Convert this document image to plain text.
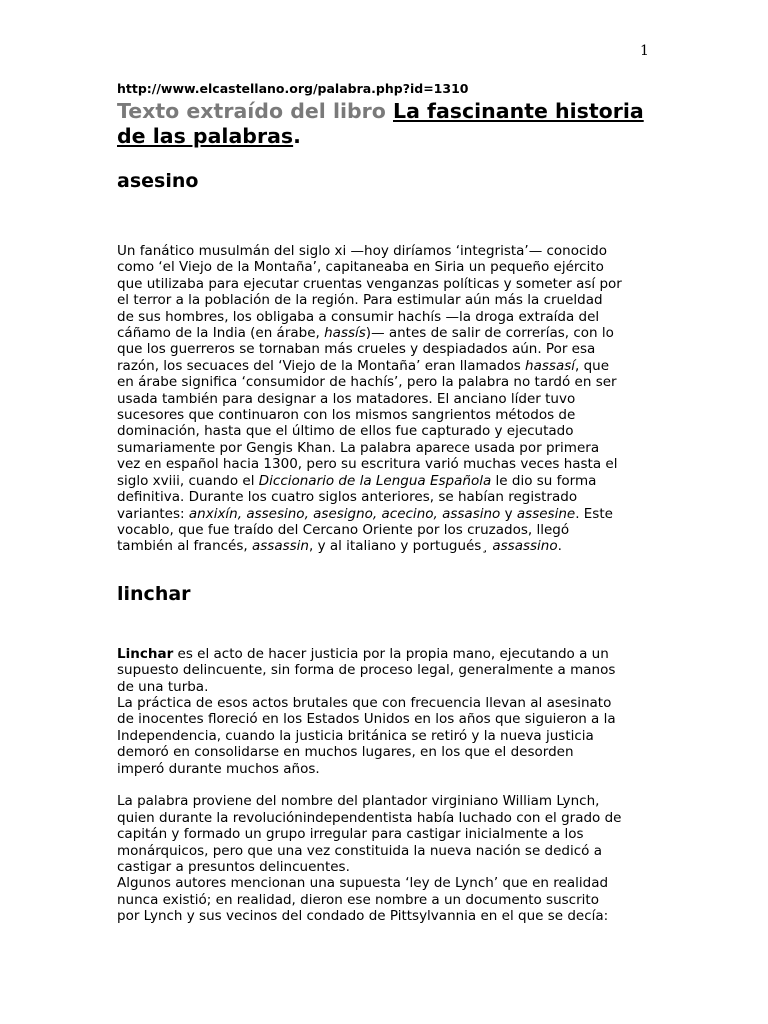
1

http://www.elcastellano.org/palabra.php?id=1310

Texto extraído del libro La fascinante historia
de las palabras.
asesino

Un fanático musulmán del siglo xi —hoy diríamos ‘integrista’— conocido
como ‘el Viejo de la Montaña’, capitaneaba en Siria un pequeño ejército
que utilizaba para ejecutar cruentas venganzas políticas y someter así por
el terror a la población de la región. Para estimular aún más la crueldad
de sus hombres, los obligaba a consumir hachís —la droga extraída del
cáñamo de la India (en árabe, hassís)— antes de salir de correrías, con lo
que los guerreros se tornaban más crueles y despiadados aún. Por esa
razón, los secuaces del ‘Viejo de la Montaña’ eran llamados hassasí, que
en árabe significa ‘consumidor de hachís’, pero la palabra no tardó en ser
usada también para designar a los matadores. El anciano líder tuvo
sucesores que continuaron con los mismos sangrientos métodos de
dominación, hasta que el último de ellos fue capturado y ejecutado
sumariamente por Gengis Khan. La palabra aparece usada por primera
vez en español hacia 1300, pero su escritura varió muchas veces hasta el
siglo xviii, cuando el Diccionario de la Lengua Española le dio su forma
definitiva. Durante los cuatro siglos anteriores, se habían registrado
variantes: anxixín, assesino, asesigno, acecino, assasino y assesine. Este
vocablo, que fue traído del Cercano Oriente por los cruzados, llegó
también al francés, assassin, y al italiano y portugués¸ assassino.

linchar

Linchar es el acto de hacer justicia por la propia mano, ejecutando a un
supuesto delincuente, sin forma de proceso legal, generalmente a manos
de una turba.
La práctica de esos actos brutales que con frecuencia llevan al asesinato
de inocentes floreció en los Estados Unidos en los años que siguieron a la
Independencia, cuando la justicia británica se retiró y la nueva justicia
demoró en consolidarse en muchos lugares, en los que el desorden
imperó durante muchos años.

La palabra proviene del nombre del plantador virginiano William Lynch,
quien durante la revoluciónindependentista había luchado con el grado de
capitán y formado un grupo irregular para castigar inicialmente a los
monárquicos, pero que una vez constituida la nueva nación se dedicó a
castigar a presuntos delincuentes.
Algunos autores mencionan una supuesta ‘ley de Lynch’ que en realidad
nunca existió; en realidad, dieron ese nombre a un documento suscrito
por Lynch y sus vecinos del condado de Pittsylvannia en el que se decía:
